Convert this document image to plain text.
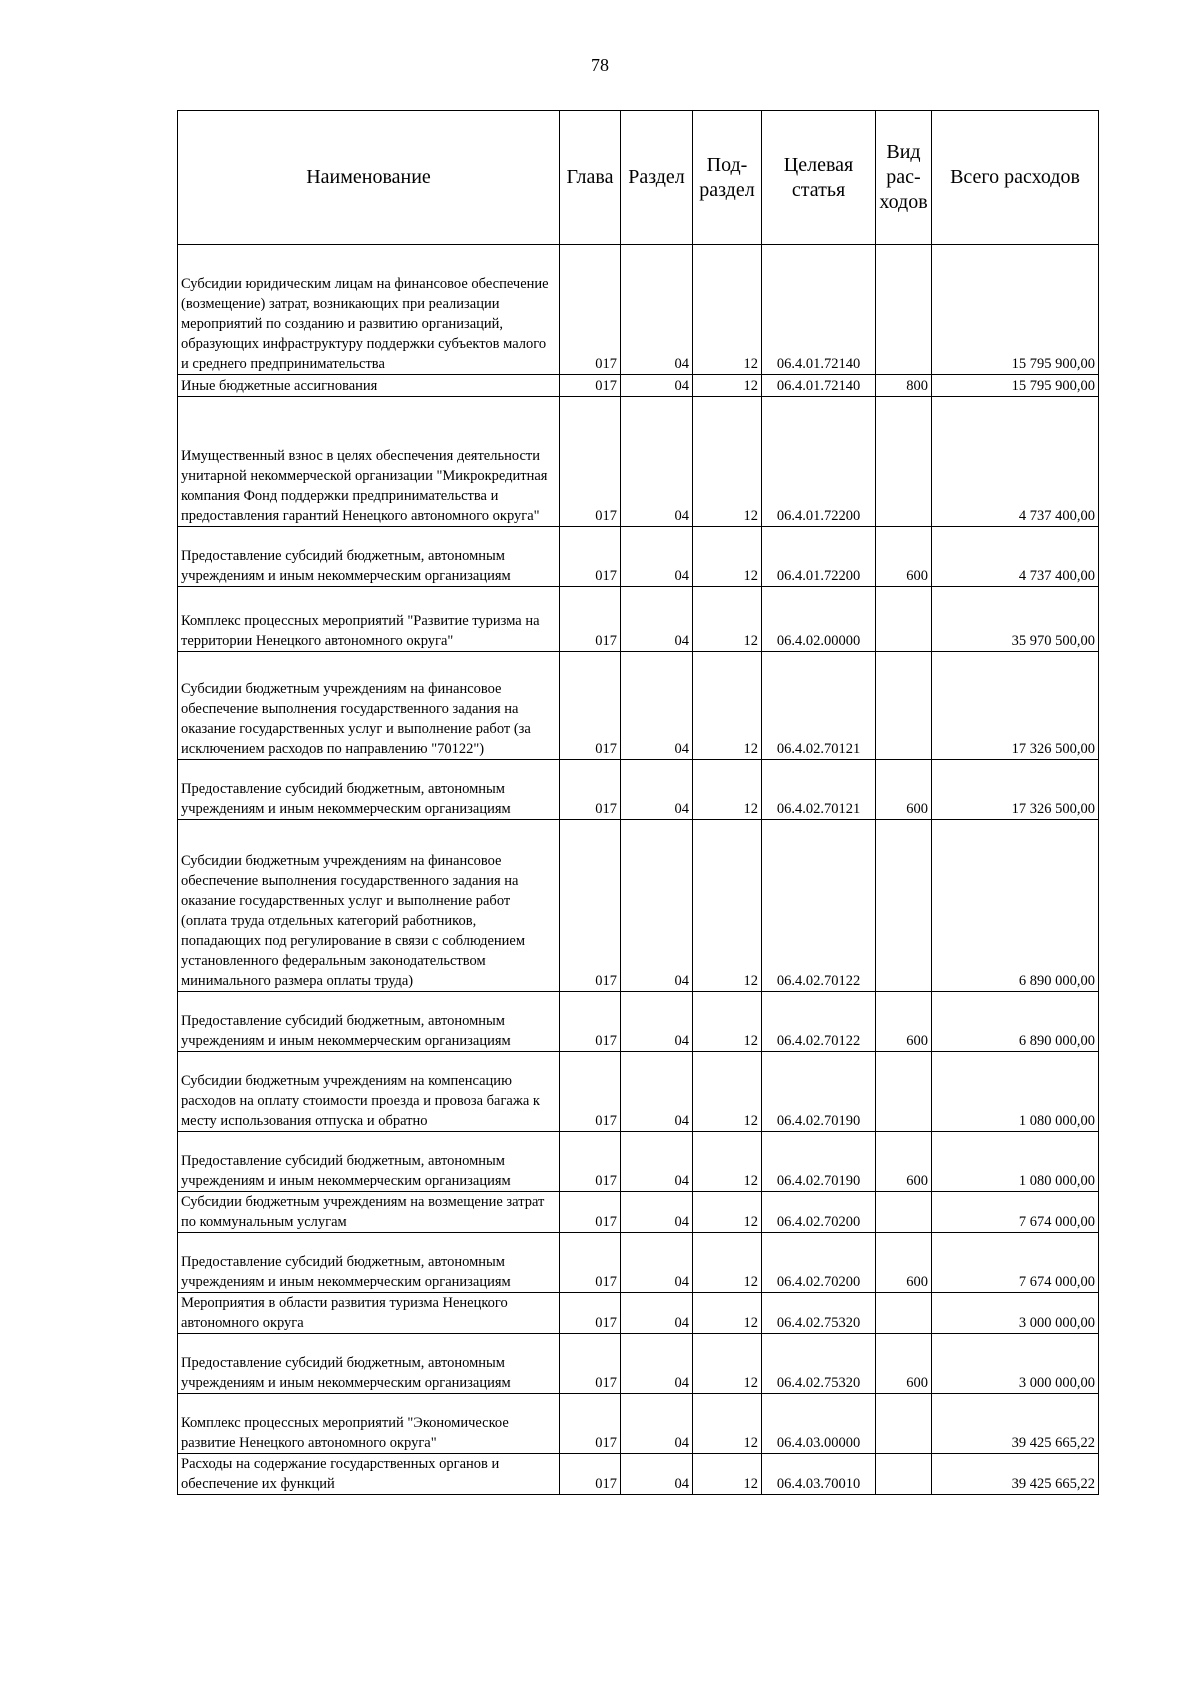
78
Наименование	Глава	Раздел	Под-раздел	Целевая статья	Вид рас-ходов	Всего расходов
Субсидии юридическим лицам на финансовое обеспечение (возмещение) затрат, возникающих при реализации мероприятий по созданию и развитию организаций, образующих инфраструктуру поддержки субъектов малого и среднего предпринимательства	017	04	12	06.4.01.72140		15 795 900,00
Иные бюджетные ассигнования	017	04	12	06.4.01.72140	800	15 795 900,00
Имущественный взнос в целях обеспечения деятельности унитарной некоммерческой организации "Микрокредитная компания Фонд поддержки предпринимательства и предоставления гарантий Ненецкого автономного округа"	017	04	12	06.4.01.72200		4 737 400,00
Предоставление субсидий бюджетным, автономным учреждениям и иным некоммерческим организациям	017	04	12	06.4.01.72200	600	4 737 400,00
Комплекс процессных мероприятий "Развитие туризма на территории Ненецкого автономного округа"	017	04	12	06.4.02.00000		35 970 500,00
Субсидии бюджетным учреждениям на финансовое обеспечение выполнения государственного задания на оказание государственных услуг и выполнение работ (за исключением расходов по направлению "70122")	017	04	12	06.4.02.70121		17 326 500,00
Предоставление субсидий бюджетным, автономным учреждениям и иным некоммерческим организациям	017	04	12	06.4.02.70121	600	17 326 500,00
Субсидии бюджетным учреждениям на финансовое обеспечение выполнения государственного задания на оказание государственных услуг и выполнение работ (оплата труда отдельных категорий работников, попадающих под регулирование в связи с соблюдением установленного федеральным законодательством минимального размера оплаты труда)	017	04	12	06.4.02.70122		6 890 000,00
Предоставление субсидий бюджетным, автономным учреждениям и иным некоммерческим организациям	017	04	12	06.4.02.70122	600	6 890 000,00
Субсидии бюджетным учреждениям на компенсацию расходов на оплату стоимости проезда и провоза багажа к месту использования отпуска и обратно	017	04	12	06.4.02.70190		1 080 000,00
Предоставление субсидий бюджетным, автономным учреждениям и иным некоммерческим организациям	017	04	12	06.4.02.70190	600	1 080 000,00
Субсидии бюджетным учреждениям на возмещение затрат по коммунальным услугам	017	04	12	06.4.02.70200		7 674 000,00
Предоставление субсидий бюджетным, автономным учреждениям и иным некоммерческим организациям	017	04	12	06.4.02.70200	600	7 674 000,00
Мероприятия в области развития туризма Ненецкого автономного округа	017	04	12	06.4.02.75320		3 000 000,00
Предоставление субсидий бюджетным, автономным учреждениям и иным некоммерческим организациям	017	04	12	06.4.02.75320	600	3 000 000,00
Комплекс процессных мероприятий "Экономическое развитие Ненецкого автономного округа"	017	04	12	06.4.03.00000		39 425 665,22
Расходы на содержание государственных органов и обеспечение их функций	017	04	12	06.4.03.70010		39 425 665,22
